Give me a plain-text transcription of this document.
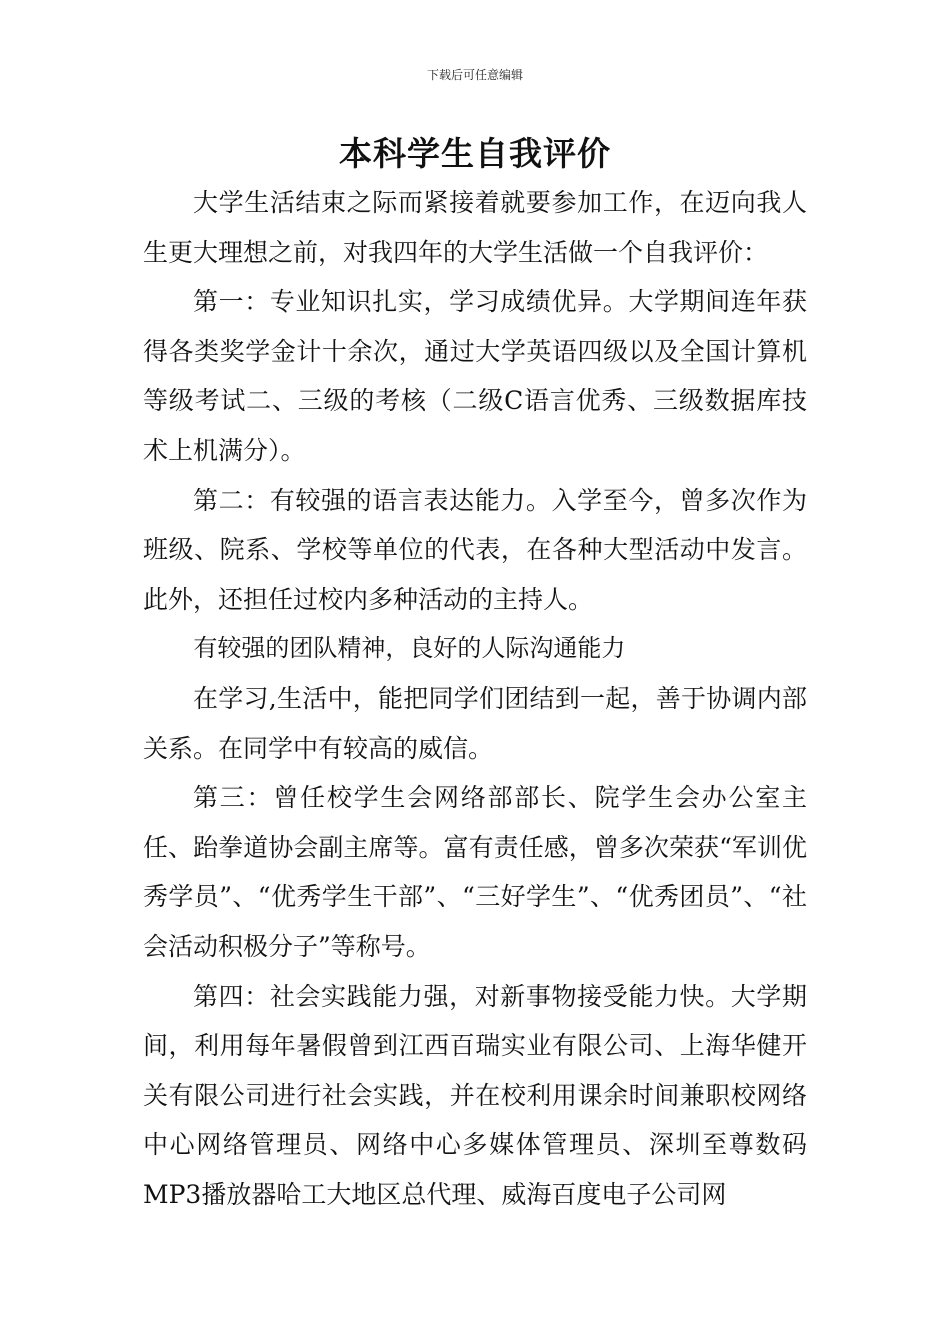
下载后可任意编辑
本科学生自我评价

大学生活结束之际而紧接着就要参加工作，在迈向我人生更大理想之前，对我四年的大学生活做一个自我评价：

第一：专业知识扎实，学习成绩优异。大学期间连年获得各类奖学金计十余次，通过大学英语四级以及全国计算机等级考试二、三级的考核（二级C语言优秀、三级数据库技术上机满分）。

第二：有较强的语言表达能力。入学至今，曾多次作为班级、院系、学校等单位的代表，在各种大型活动中发言。此外，还担任过校内多种活动的主持人。

有较强的团队精神，良好的人际沟通能力

在学习,生活中，能把同学们团结到一起，善于协调内部关系。在同学中有较高的威信。

第三：曾任校学生会网络部部长、院学生会办公室主任、跆拳道协会副主席等。富有责任感，曾多次荣获“军训优秀学员”、“优秀学生干部”、“三好学生”、“优秀团员”、“社会活动积极分子”等称号。

第四：社会实践能力强，对新事物接受能力快。大学期间，利用每年暑假曾到江西百瑞实业有限公司、上海华健开关有限公司进行社会实践，并在校利用课余时间兼职校网络中心网络管理员、网络中心多媒体管理员、深圳至尊数码MP3播放器哈工大地区总代理、威海百度电子公司网
